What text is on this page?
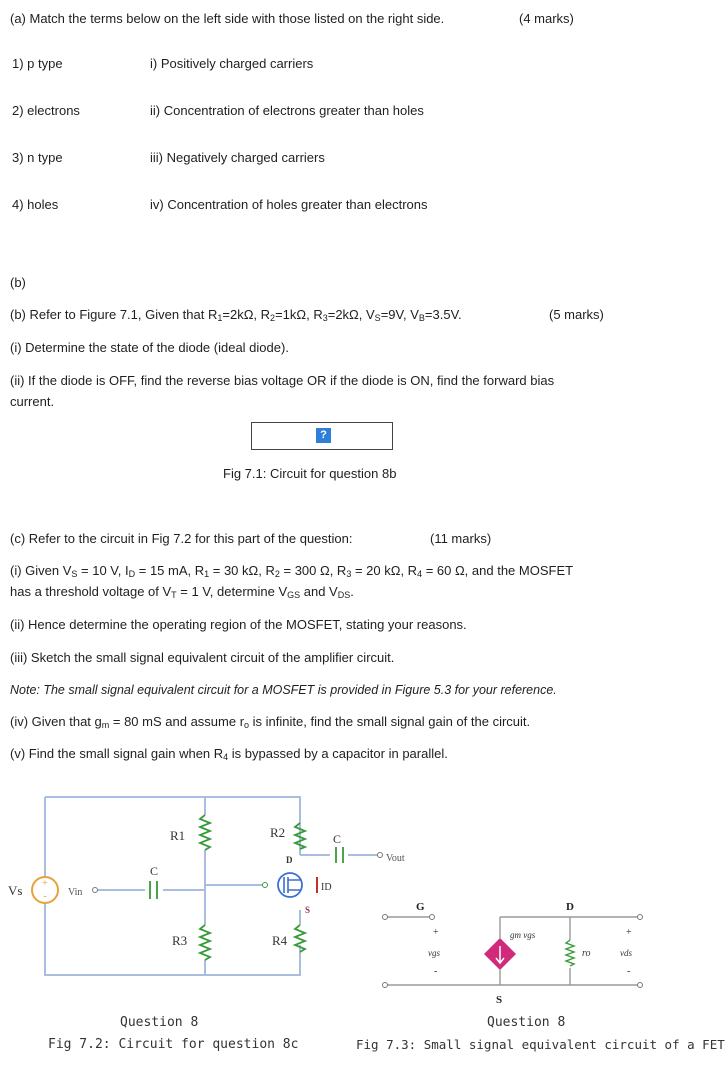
(a) Match the terms below on the left side with those listed on the right side.	(4 marks)
1) p type	i) Positively charged carriers
2) electrons	ii) Concentration of electrons greater than holes
3) n type	iii) Negatively charged carriers
4) holes	iv) Concentration of holes greater than electrons
(b)
(b) Refer to Figure 7.1, Given that $R_1=2k\Omega$, $R_2=1k\Omega$, $R_3=2k\Omega$, $V_S=9V$, $V_B=3.5V$.	(5 marks)
(i) Determine the state of the diode (ideal diode).
(ii) If the diode is OFF, find the reverse bias voltage OR if the diode is ON, find the forward bias
current.
?
Fig 7.1: Circuit for question 8b
(c) Refer to the circuit in Fig 7.2 for this part of the question:	(11 marks)
(i) Given $V_S = 10$ V, $I_D = 15$ mA, $R_1 = 30$ kΩ, $R_2 = 300$ Ω, $R_3 = 20$ kΩ, $R_4 = 60$ Ω, and the MOSFET
has a threshold voltage of $V_T = 1$ V, determine $V_{GS}$ and $V_{DS}$.
(ii) Hence determine the operating region of the MOSFET, stating your reasons.
(iii) Sketch the small signal equivalent circuit of the amplifier circuit.
Note: The small signal equivalent circuit for a MOSFET is provided in Figure 5.3 for your reference.
(iv) Given that $g_m = 80$ mS and assume $r_o$ is infinite, find the small signal gain of the circuit.
(v) Find the small signal gain when $R_4$ is bypassed by a capacitor in parallel.
+
-
Vs	Vin
R1
R3
R2
R4
C
C
Vout
D
S
ID
Question 8
Fig 7.2: Circuit for question 8c
G	D
S
+
vgs
-
gm vgs
ro
+
vds
-
Question 8
Fig 7.3: Small signal equivalent circuit of a FET
